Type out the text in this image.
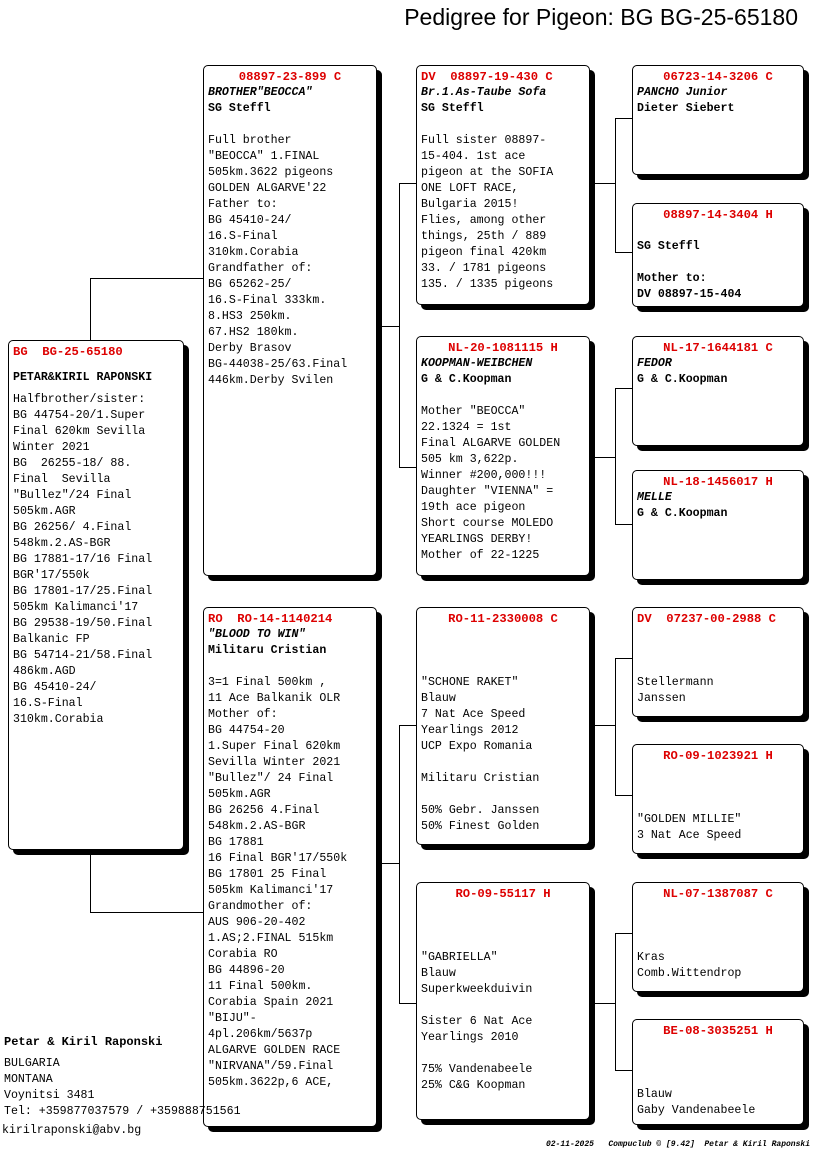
Pedigree for Pigeon: BG BG-25-65180
BG  BG-25-65180
PETAR&KIRIL RAPONSKI
Halfbrother/sister:
BG 44754-20/1.Super
Final 620km Sevilla
Winter 2021
BG  26255-18/ 88.
Final  Sevilla
"Bullez"/24 Final
505km.AGR
BG 26256/ 4.Final
548km.2.AS-BGR
BG 17881-17/16 Final
BGR'17/550k
BG 17801-17/25.Final
505km Kalimanci'17
BG 29538-19/50.Final
Balkanic FP
BG 54714-21/58.Final
486km.AGD
BG 45410-24/
16.S-Final
310km.Corabia
08897-23-899 C
BROTHER"BEOCCA"
SG Steffl
Full brother
"BEOCCA" 1.FINAL
505km.3622 pigeons
GOLDEN ALGARVE'22
Father to:
BG 45410-24/
16.S-Final
310km.Corabia
Grandfather of:
BG 65262-25/
16.S-Final 333km.
8.HS3 250km.
67.HS2 180km.
Derby Brasov
BG-44038-25/63.Final
446km.Derby Svilen
RO  RO-14-1140214
"BLOOD TO WIN"
Militaru Cristian
3=1 Final 500km ,
11 Ace Balkanik OLR
Mother of:
BG 44754-20
1.Super Final 620km
Sevilla Winter 2021
"Bullez"/ 24 Final
505km.AGR
BG 26256 4.Final
548km.2.AS-BGR
BG 17881
16 Final BGR'17/550k
BG 17801 25 Final
505km Kalimanci'17
Grandmother of:
AUS 906-20-402
1.AS;2.FINAL 515km
Corabia RO
BG 44896-20
11 Final 500km.
Corabia Spain 2021
"BIJU"-
4pl.206km/5637p
ALGARVE GOLDEN RACE
"NIRVANA"/59.Final
505km.3622p,6 ACE,
DV  08897-19-430 C
Br.1.As-Taube Sofa
SG Steffl
Full sister 08897-
15-404. 1st ace
pigeon at the SOFIA
ONE LOFT RACE,
Bulgaria 2015!
Flies, among other
things, 25th / 889
pigeon final 420km
33. / 1781 pigeons
135. / 1335 pigeons
NL-20-1081115 H
KOOPMAN-WEIBCHEN
G & C.Koopman
Mother "BEOCCA"
22.1324 = 1st
Final ALGARVE GOLDEN
505 km 3,622p.
Winner #200,000!!!
Daughter "VIENNA" =
19th ace pigeon
Short course MOLEDO
YEARLINGS DERBY!
Mother of 22-1225
RO-11-2330008 C
"SCHONE RAKET"
Blauw
7 Nat Ace Speed
Yearlings 2012
UCP Expo Romania

Militaru Cristian

50% Gebr. Janssen
50% Finest Golden
RO-09-55117 H
"GABRIELLA"
Blauw
Superkweekduivin

Sister 6 Nat Ace
Yearlings 2010

75% Vandenabeele
25% C&G Koopman
06723-14-3206 C
PANCHO Junior
Dieter Siebert
08897-14-3404 H
SG Steffl

Mother to:
DV 08897-15-404
NL-17-1644181 C
FEDOR
G & C.Koopman
NL-18-1456017 H
MELLE
G & C.Koopman
DV  07237-00-2988 C
Stellermann
Janssen
RO-09-1023921 H
"GOLDEN MILLIE"
3 Nat Ace Speed
NL-07-1387087 C
Kras
Comb.Wittendrop
BE-08-3035251 H
Blauw
Gaby Vandenabeele
Petar & Kiril Raponski
BULGARIA
MONTANA
Voynitsi 3481
Tel: +359877037579 / +359888751561
kirilraponski@abv.bg
02-11-2025   Compuclub © [9.42]  Petar & Kiril Raponski
